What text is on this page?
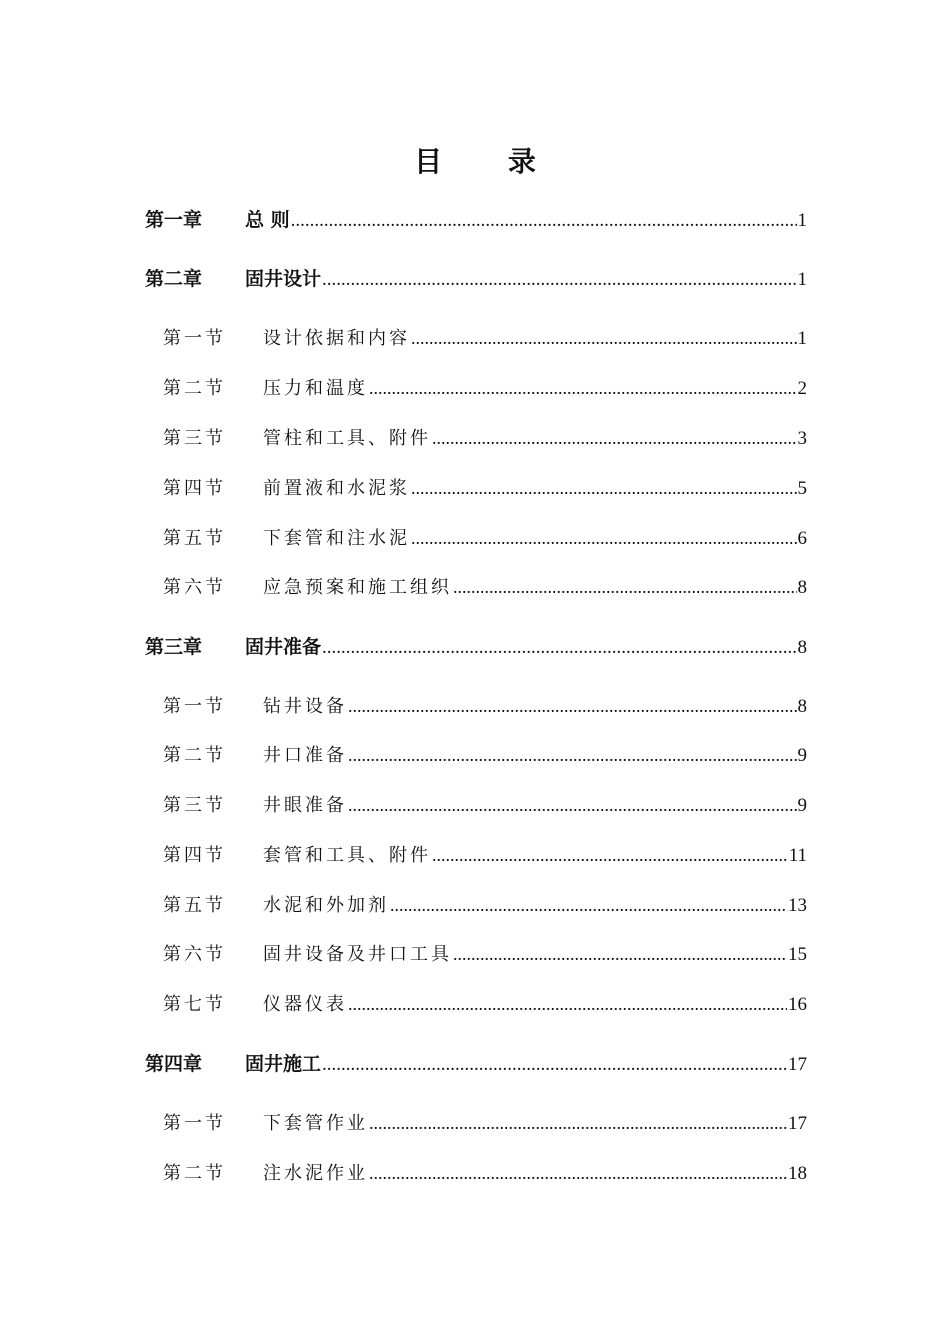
目 录
第一章	总 则 .....	1
第二章	固井设计 .....	1
第一节	设计依据和内容 .....	1
第二节	压力和温度 .....	2
第三节	管柱和工具、附件 .....	3
第四节	前置液和水泥浆 .....	5
第五节	下套管和注水泥 .....	6
第六节	应急预案和施工组织 .....	8
第三章	固井准备 .....	8
第一节	钻井设备 .....	8
第二节	井口准备 .....	9
第三节	井眼准备 .....	9
第四节	套管和工具、附件 .....	11
第五节	水泥和外加剂 .....	13
第六节	固井设备及井口工具 .....	15
第七节	仪器仪表 .....	16
第四章	固井施工 .....	17
第一节	下套管作业 .....	17
第二节	注水泥作业 .....	18
